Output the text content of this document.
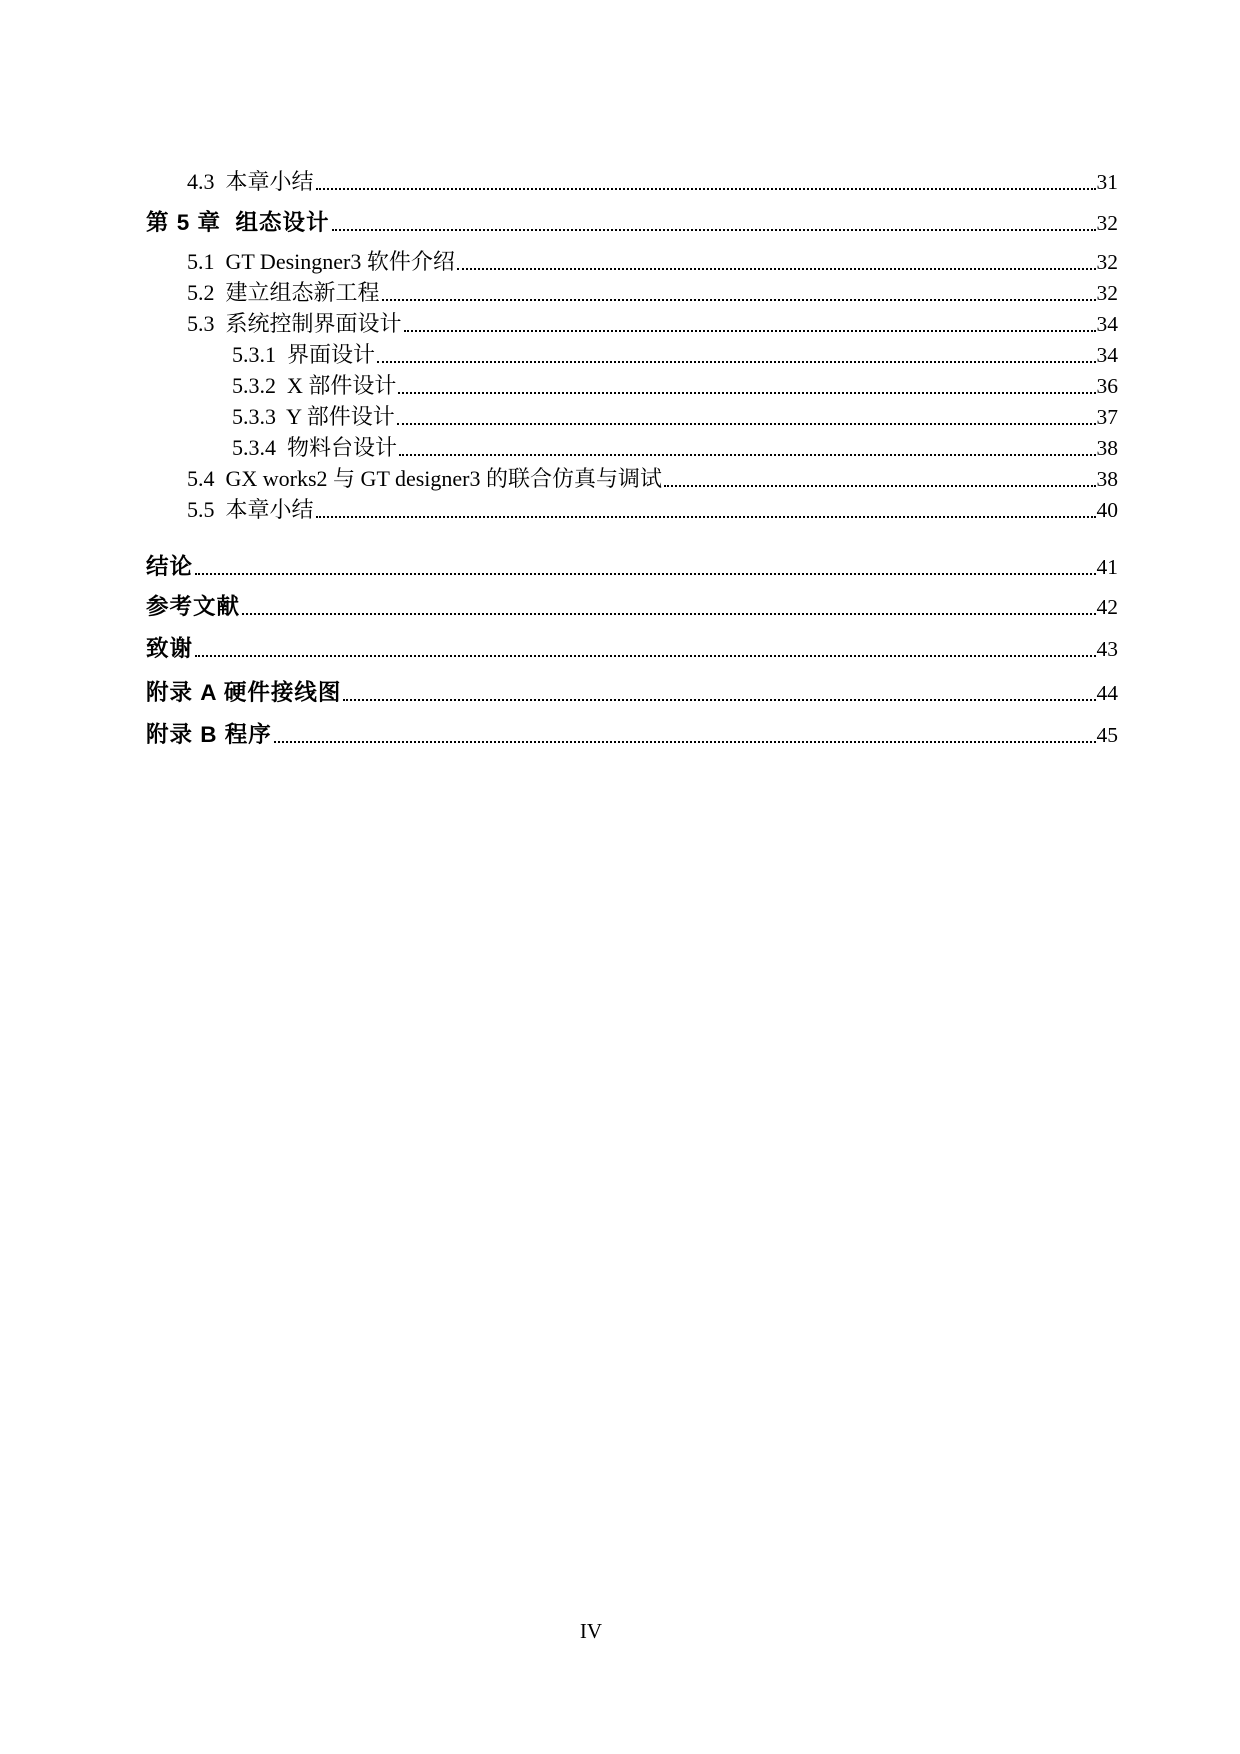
4.3  本章小结	31
第 5 章  组态设计	32
5.1  GT Desingner3 软件介绍	32
5.2  建立组态新工程	32
5.3  系统控制界面设计	34
5.3.1  界面设计	34
5.3.2  X 部件设计	36
5.3.3  Y 部件设计	37
5.3.4  物料台设计	38
5.4  GX works2 与 GT designer3 的联合仿真与调试	38
5.5  本章小结	40
结论	41
参考文献	42
致谢	43
附录 A 硬件接线图	44
附录 B 程序	45
IV
